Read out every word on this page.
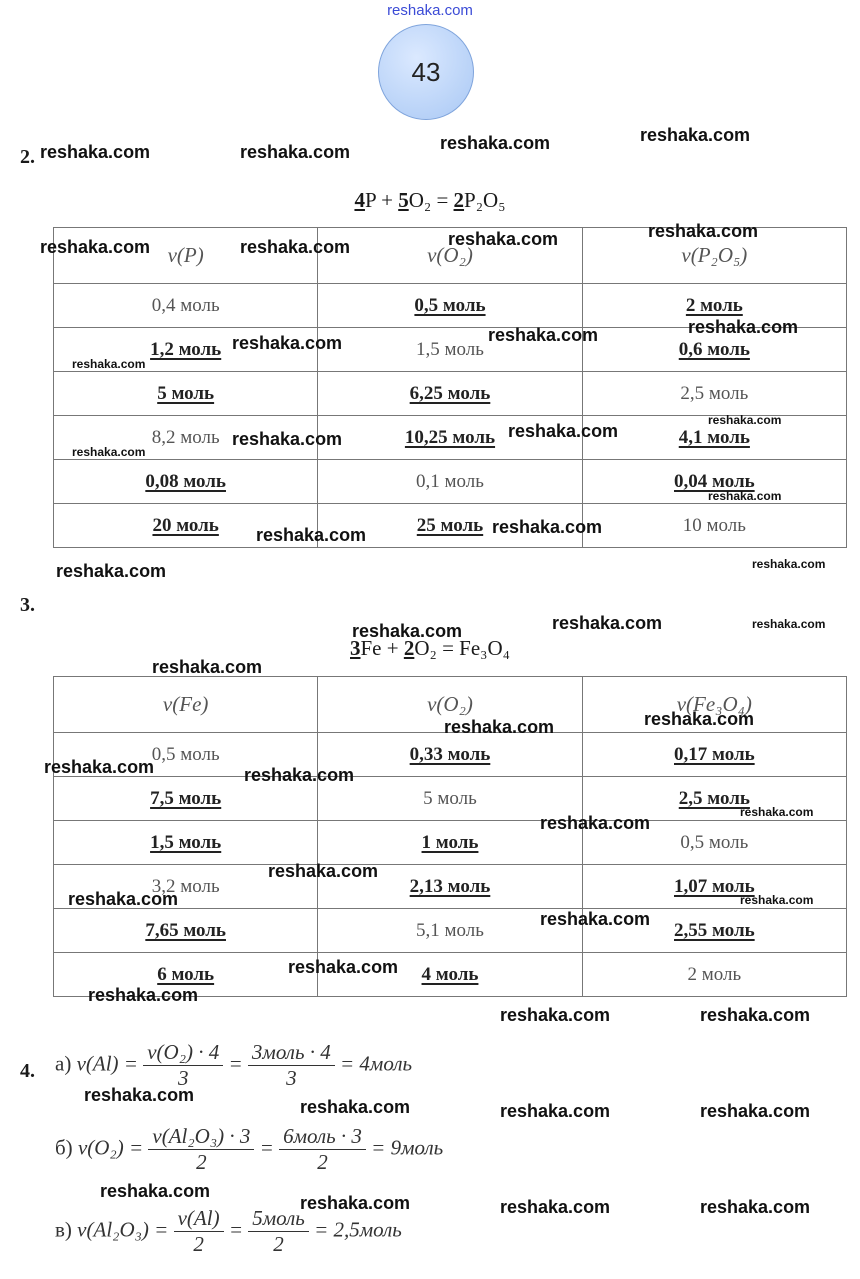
reshaka.com
43
2.
4P + 5O₂ = 2P₂O₅
ν(P)	ν(O₂)	ν(P₂O₅)
0,4 моль	0,5 моль	2 моль
1,2 моль	1,5 моль	0,6 моль
5 моль	6,25 моль	2,5 моль
8,2 моль	10,25 моль	4,1 моль
0,08 моль	0,1 моль	0,04 моль
20 моль	25 моль	10 моль
3.
3Fe + 2O₂ = Fe₃O₄
ν(Fe)	ν(O₂)	ν(Fe₃O₄)
0,5 моль	0,33 моль	0,17 моль
7,5 моль	5 моль	2,5 моль
1,5 моль	1 моль	0,5 моль
3,2 моль	2,13 моль	1,07 моль
7,65 моль	5,1 моль	2,55 моль
6 моль	4 моль	2 моль
4. а) $\nu(Al) = \frac{\text{ν(O₂) · 4}}{3} = \frac{\text{3моль · 4}}{3}$ = 4моль
б) $\nu(O_2) = \frac{\text{ν(Al₂O₃) · 3}}{2} = \frac{\text{6моль · 3}}{2}$ = 9моль
в) $\nu(Al_2O_3) = \frac{\nu(Al)}{2} = \frac{\text{5моль}}{2}$ = 2,5моль
reshaka.com	reshaka.com	reshaka.com	reshaka.com
reshaka.com	reshaka.com	reshaka.com	reshaka.com
reshaka.com	reshaka.com	reshaka.com
reshaka.com
reshaka.com	reshaka.com
reshaka.com
reshaka.com
reshaka.com
reshaka.com	reshaka.com
reshaka.com	reshaka.com
reshaka.com	reshaka.com	reshaka.com
reshaka.com
reshaka.com	reshaka.com
reshaka.com	reshaka.com
reshaka.com
reshaka.com
reshaka.com
reshaka.com	reshaka.com
reshaka.com
reshaka.com
reshaka.com
reshaka.com	reshaka.com
reshaka.com
reshaka.com	reshaka.com	reshaka.com
reshaka.com
reshaka.com	reshaka.com	reshaka.com
